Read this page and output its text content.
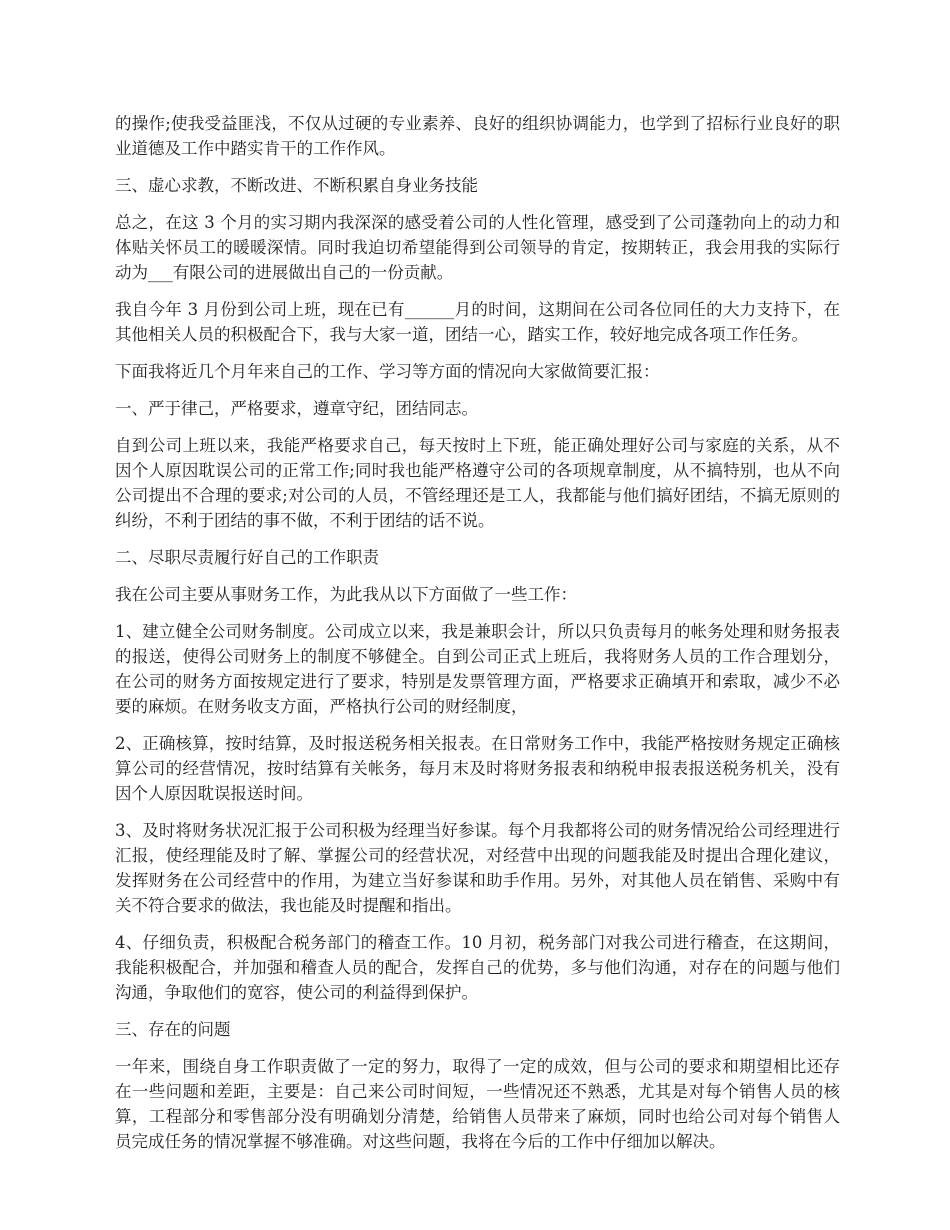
的操作;使我受益匪浅，不仅从过硬的专业素养、良好的组织协调能力，也学到了招标行业良好的职业道德及工作中踏实肯干的工作作风。

三、虚心求教，不断改进、不断积累自身业务技能

总之，在这 3 个月的实习期内我深深的感受着公司的人性化管理，感受到了公司蓬勃向上的动力和体贴关怀员工的暖暖深情。同时我迫切希望能得到公司领导的肯定，按期转正，我会用我的实际行动为___有限公司的进展做出自己的一份贡献。

我自今年 3 月份到公司上班，现在已有______月的时间，这期间在公司各位同任的大力支持下，在其他相关人员的积极配合下，我与大家一道，团结一心，踏实工作，较好地完成各项工作任务。

下面我将近几个月年来自己的工作、学习等方面的情况向大家做简要汇报：

一、严于律己，严格要求，遵章守纪，团结同志。

自到公司上班以来，我能严格要求自己，每天按时上下班，能正确处理好公司与家庭的关系，从不因个人原因耽误公司的正常工作;同时我也能严格遵守公司的各项规章制度，从不搞特别，也从不向公司提出不合理的要求;对公司的人员，不管经理还是工人，我都能与他们搞好团结，不搞无原则的纠纷，不利于团结的事不做，不利于团结的话不说。

二、尽职尽责履行好自己的工作职责

我在公司主要从事财务工作，为此我从以下方面做了一些工作：

1、建立健全公司财务制度。公司成立以来，我是兼职会计，所以只负责每月的帐务处理和财务报表的报送，使得公司财务上的制度不够健全。自到公司正式上班后，我将财务人员的工作合理划分，在公司的财务方面按规定进行了要求，特别是发票管理方面，严格要求正确填开和索取，减少不必要的麻烦。在财务收支方面，严格执行公司的财经制度，

2、正确核算，按时结算，及时报送税务相关报表。在日常财务工作中，我能严格按财务规定正确核算公司的经营情况，按时结算有关帐务，每月末及时将财务报表和纳税申报表报送税务机关，没有因个人原因耽误报送时间。

3、及时将财务状况汇报于公司积极为经理当好参谋。每个月我都将公司的财务情况给公司经理进行汇报，使经理能及时了解、掌握公司的经营状况，对经营中出现的问题我能及时提出合理化建议，发挥财务在公司经营中的作用，为建立当好参谋和助手作用。另外，对其他人员在销售、采购中有关不符合要求的做法，我也能及时提醒和指出。

4、仔细负责，积极配合税务部门的稽查工作。10 月初，税务部门对我公司进行稽查，在这期间，我能积极配合，并加强和稽查人员的配合，发挥自己的优势，多与他们沟通，对存在的问题与他们沟通，争取他们的宽容，使公司的利益得到保护。

三、存在的问题

一年来，围绕自身工作职责做了一定的努力，取得了一定的成效，但与公司的要求和期望相比还存在一些问题和差距，主要是：自己来公司时间短，一些情况还不熟悉，尤其是对每个销售人员的核算，工程部分和零售部分没有明确划分清楚，给销售人员带来了麻烦，同时也给公司对每个销售人员完成任务的情况掌握不够准确。对这些问题，我将在今后的工作中仔细加以解决。
